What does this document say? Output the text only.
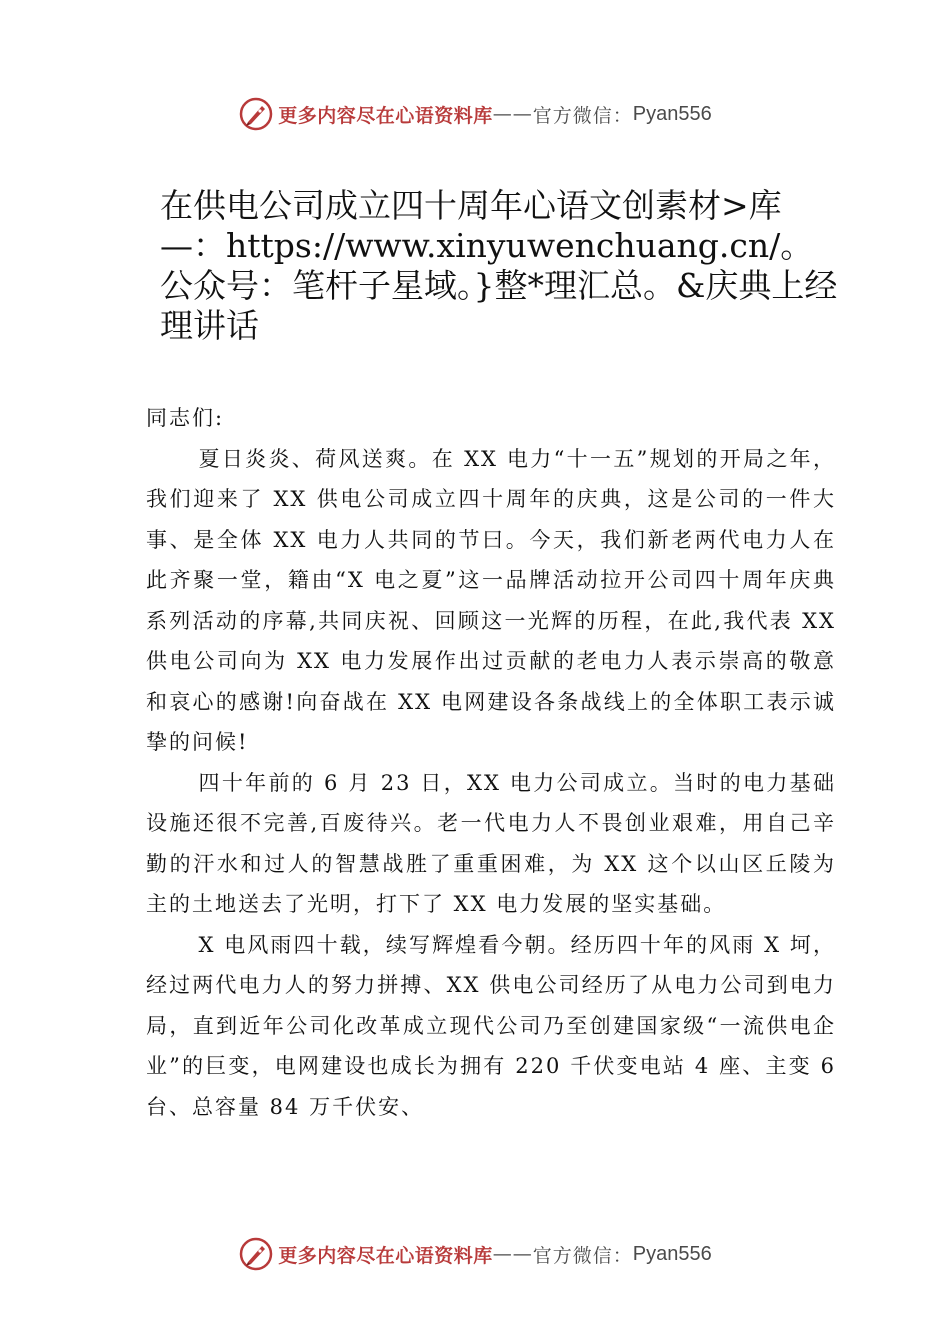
更多内容尽在心语资料库 —— 官方微信： Pyan556
在供电公司成立四十周年心语文创素材>库—：https://www.xinyuwenchuang.cn/。公众号：笔杆子星域。}整*理汇总。&庆典上经理讲话

同志们:

夏日炎炎、荷风送爽。在 XX 电力“十一五”规划的开局之年，我们迎来了 XX 供电公司成立四十周年的庆典，这是公司的一件大事、是全体 XX 电力人共同的节曰。今天，我们新老两代电力人在此齐聚一堂，籍由“X 电之夏”这一品牌活动拉开公司四十周年庆典系列活动的序幕,共同庆祝、回顾这一光辉的历程，在此,我代表 XX 供电公司向为 XX 电力发展作出过贡献的老电力人表示崇高的敬意和哀心的感谢!向奋战在 XX 电网建设各条战线上的全体职工表示诚挚的问候!

四十年前的 6 月 23 日，XX 电力公司成立。当时的电力基础设施还很不完善,百废待兴。老一代电力人不畏创业艰难，用自己辛勤的汗水和过人的智慧战胜了重重困难，为 XX 这个以山区丘陵为主的土地送去了光明，打下了 XX 电力发展的坚实基础。

X 电风雨四十载，续写辉煌看今朝。经历四十年的风雨 X 坷，经过两代电力人的努力拼搏、XX 供电公司经历了从电力公司到电力局，直到近年公司化改革成立现代公司乃至创建国家级“一流供电企业”的巨变，电网建设也成长为拥有 220 千伏变电站 4 座、主变 6 台、总容量 84 万千伏安、

更多内容尽在心语资料库 —— 官方微信： Pyan556
